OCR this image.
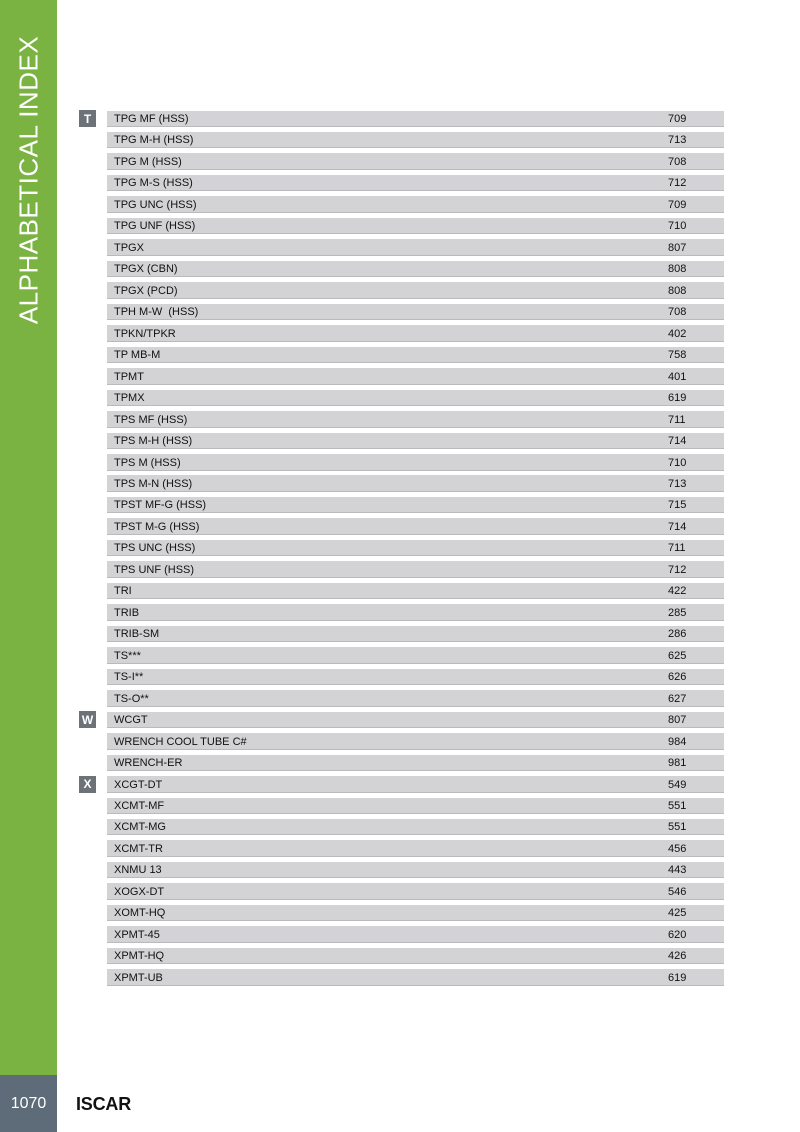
ALPHABETICAL INDEX	T	TPG MF (HSS)	709
TPG M-H (HSS)	713
TPG M (HSS)	708
TPG M-S (HSS)	712
TPG UNC (HSS)	709
TPG UNF (HSS)	710
TPGX	807
TPGX (CBN)	808
TPGX (PCD)	808
TPH M-W  (HSS)	708
TPKN/TPKR	402
TP MB-M	758
TPMT	401
TPMX	619
TPS MF (HSS)	711
TPS M-H (HSS)	714
TPS M (HSS)	710
TPS M-N (HSS)	713
TPST MF-G (HSS)	715
TPST M-G (HSS)	714
TPS UNC (HSS)	711
TPS UNF (HSS)	712
TRI	422
TRIB	285
TRIB-SM	286
TS***	625
TS-I**	626
TS-O**	627
W WCGT	807
WRENCH COOL TUBE C#	984
WRENCH-ER	981
X	XCGT-DT	549
XCMT-MF	551
XCMT-MG	551
XCMT-TR	456
XNMU 13	443
XOGX-DT	546
XOMT-HQ	425
XPMT-45	620
XPMT-HQ	426
XPMT-UB	619
1070	ISCAR
